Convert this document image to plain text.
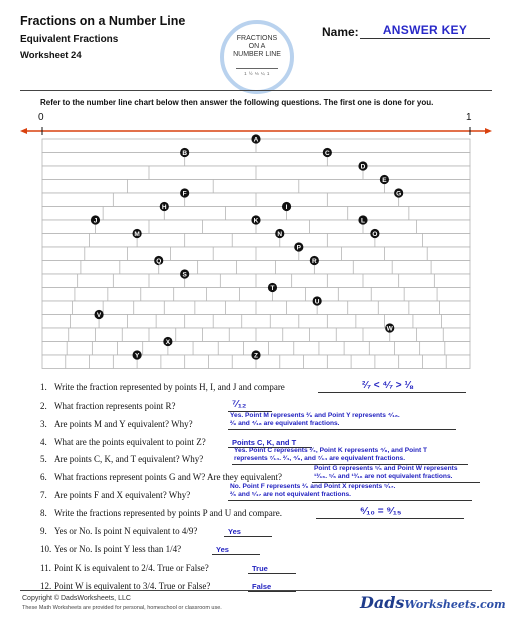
Fractions on a Number Line
Equivalent Fractions
Worksheet 24
FRACTIONS
ON A
NUMBER LINE
1 ½ ⅓ ¼ 1
Name:	ANSWER KEY
Refer to the number line chart below then answer the following questions. The first one is done for you.
0	1
A
B	C
D
E
F	G
H	I
J	K	L
M	N	O
P
Q	R
S
T
U
V
W
X
Y	Z
1. Write the fraction represented by points H, I, and J and compare	²⁄₇ < ⁴⁄₇ > ⅛
2. What fraction represents point R?	⁷⁄₁₂
3. Are points M and Y equivalent? Why?
Yes. Point M represents ²⁄₉ and Point Y represents ⁴⁄₁₈.
²⁄₉ and ⁴⁄₁₈ are equivalent fractions.
4. What are the points equivalent to point Z?	Points C, K, and T
5. Are points C, K, and T equivalent? Why?
Yes. Point C represents ²⁄₄, Point K represents ⁴⁄₈, and Point T
represents ⁷⁄₁₄. ²⁄₄, ⁴⁄₈, and ⁷⁄₁₄ are equivalent fractions.
6. What fractions represent points G and W? Are they equivalent?
Point G represents ⁵⁄₆ and Point W represents
¹³⁄₁₆. ⁵⁄₆ and ¹³⁄₁₆ are not equivalent fractions.
7. Are points F and X equivalent? Why?
No. Point F represents ²⁄₆ and Point X represents ⁵⁄₁₇.
²⁄₆ and ⁵⁄₁₇ are not equivalent fractions.
8. Write the fractions represented by points P and U and compare.	⁶⁄₁₀ = ⁹⁄₁₅
9. Yes or No. Is point N equivalent to 4/9?	Yes
10. Yes or No. Is point Y less than 1/4?	Yes
11. Point K is equivalent to 2/4. True or False?	True
12. Point W is equivalent to 3/4. True or False?	False
Copyright © DadsWorksheets, LLC
These Math Worksheets are provided for personal, homeschool or classroom use.	DadsWorksheets.com
